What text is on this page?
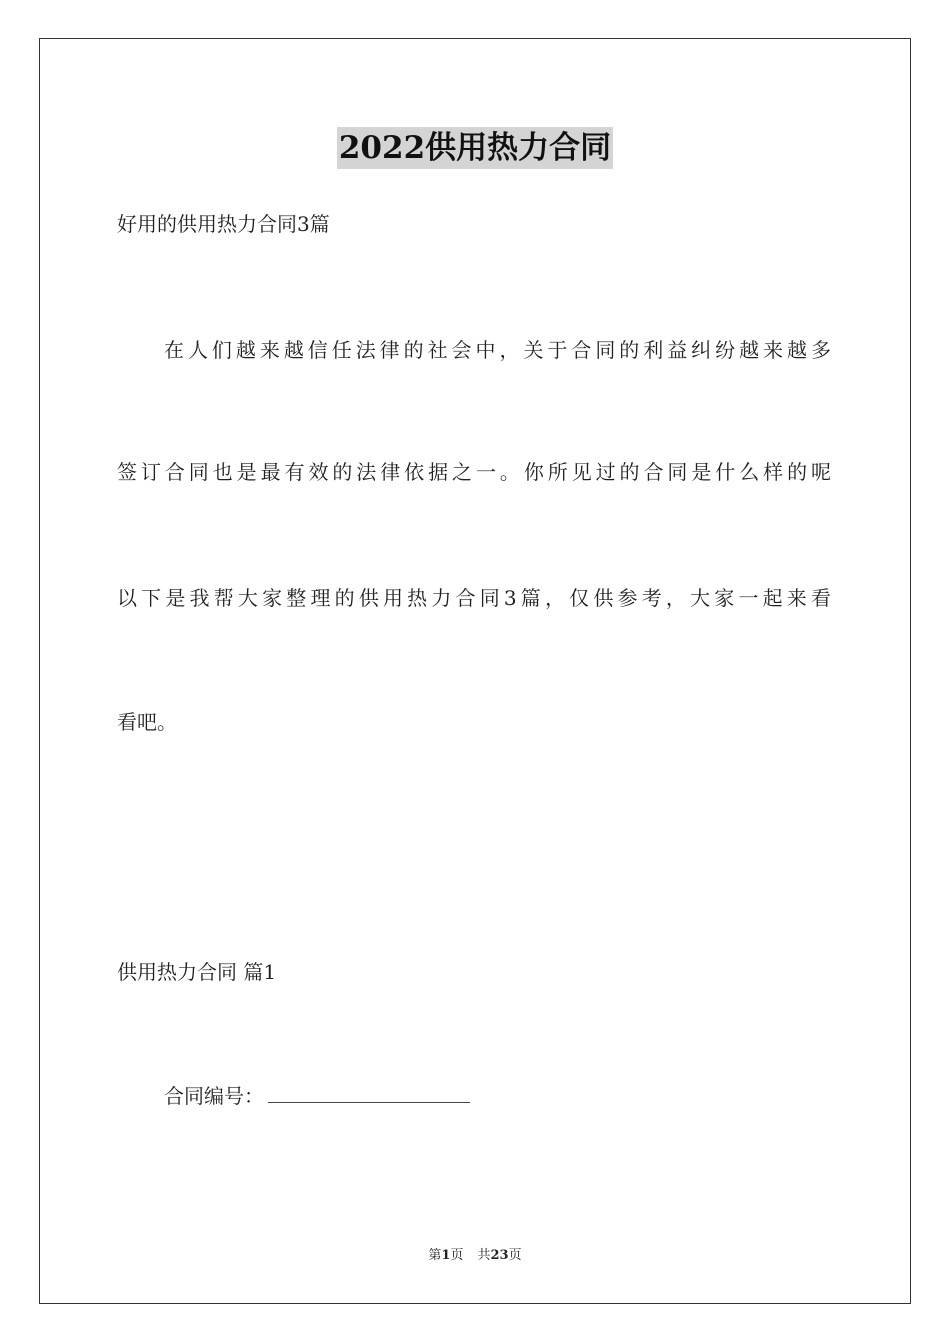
2022供用热力合同
好用的供用热力合同3篇
在人们越来越信任法律的社会中，关于合同的利益纠纷越来越多
签订合同也是最有效的法律依据之一。你所见过的合同是什么样的呢
以下是我帮大家整理的供用热力合同3篇，仅供参考，大家一起来看
看吧。
供用热力合同 篇1
合同编号：
第1页 共23页
